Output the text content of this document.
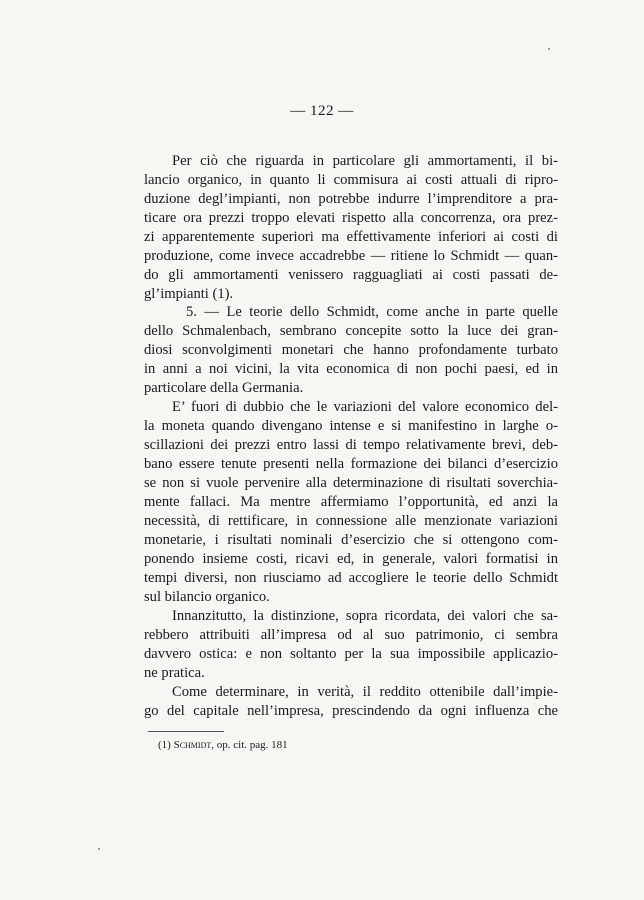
— 122 —
Per ciò che riguarda in particolare gli ammortamenti, il bi-
lancio organico, in quanto li commisura ai costi attuali di ripro-
duzione degl’impianti, non potrebbe indurre l’imprenditore a pra-
ticare ora prezzi troppo elevati rispetto alla concorrenza, ora prez-
zi apparentemente superiori ma effettivamente inferiori ai costi di
produzione, come invece accadrebbe — ritiene lo Schmidt — quan-
do gli ammortamenti venissero ragguagliati ai costi passati de-
gl’impianti (1).
5. — Le teorie dello Schmidt, come anche in parte quelle
dello Schmalenbach, sembrano concepite sotto la luce dei gran-
diosi sconvolgimenti monetari che hanno profondamente turbato
in anni a noi vicini, la vita economica di non pochi paesi, ed in
particolare della Germania.
E’ fuori di dubbio che le variazioni del valore economico del-
la moneta quando divengano intense e si manifestino in larghe o-
scillazioni dei prezzi entro lassi di tempo relativamente brevi, deb-
bano essere tenute presenti nella formazione dei bilanci d’esercizio
se non si vuole pervenire alla determinazione di risultati soverchia-
mente fallaci. Ma mentre affermiamo l’opportunità, ed anzi la
necessità, di rettificare, in connessione alle menzionate variazioni
monetarie, i risultati nominali d’esercizio che si ottengono com-
ponendo insieme costi, ricavi ed, in generale, valori formatisi in
tempi diversi, non riusciamo ad accogliere le teorie dello Schmidt
sul bilancio organico.
Innanzitutto, la distinzione, sopra ricordata, dei valori che sa-
rebbero attribuiti all’impresa od al suo patrimonio, ci sembra
davvero ostica: e non soltanto per la sua impossibile applicazio-
ne pratica.
Come determinare, in verità, il reddito ottenibile dall’impie-
go del capitale nell’impresa, prescindendo da ogni influenza che
(1) Schmidt, op. cit. pag. 181
